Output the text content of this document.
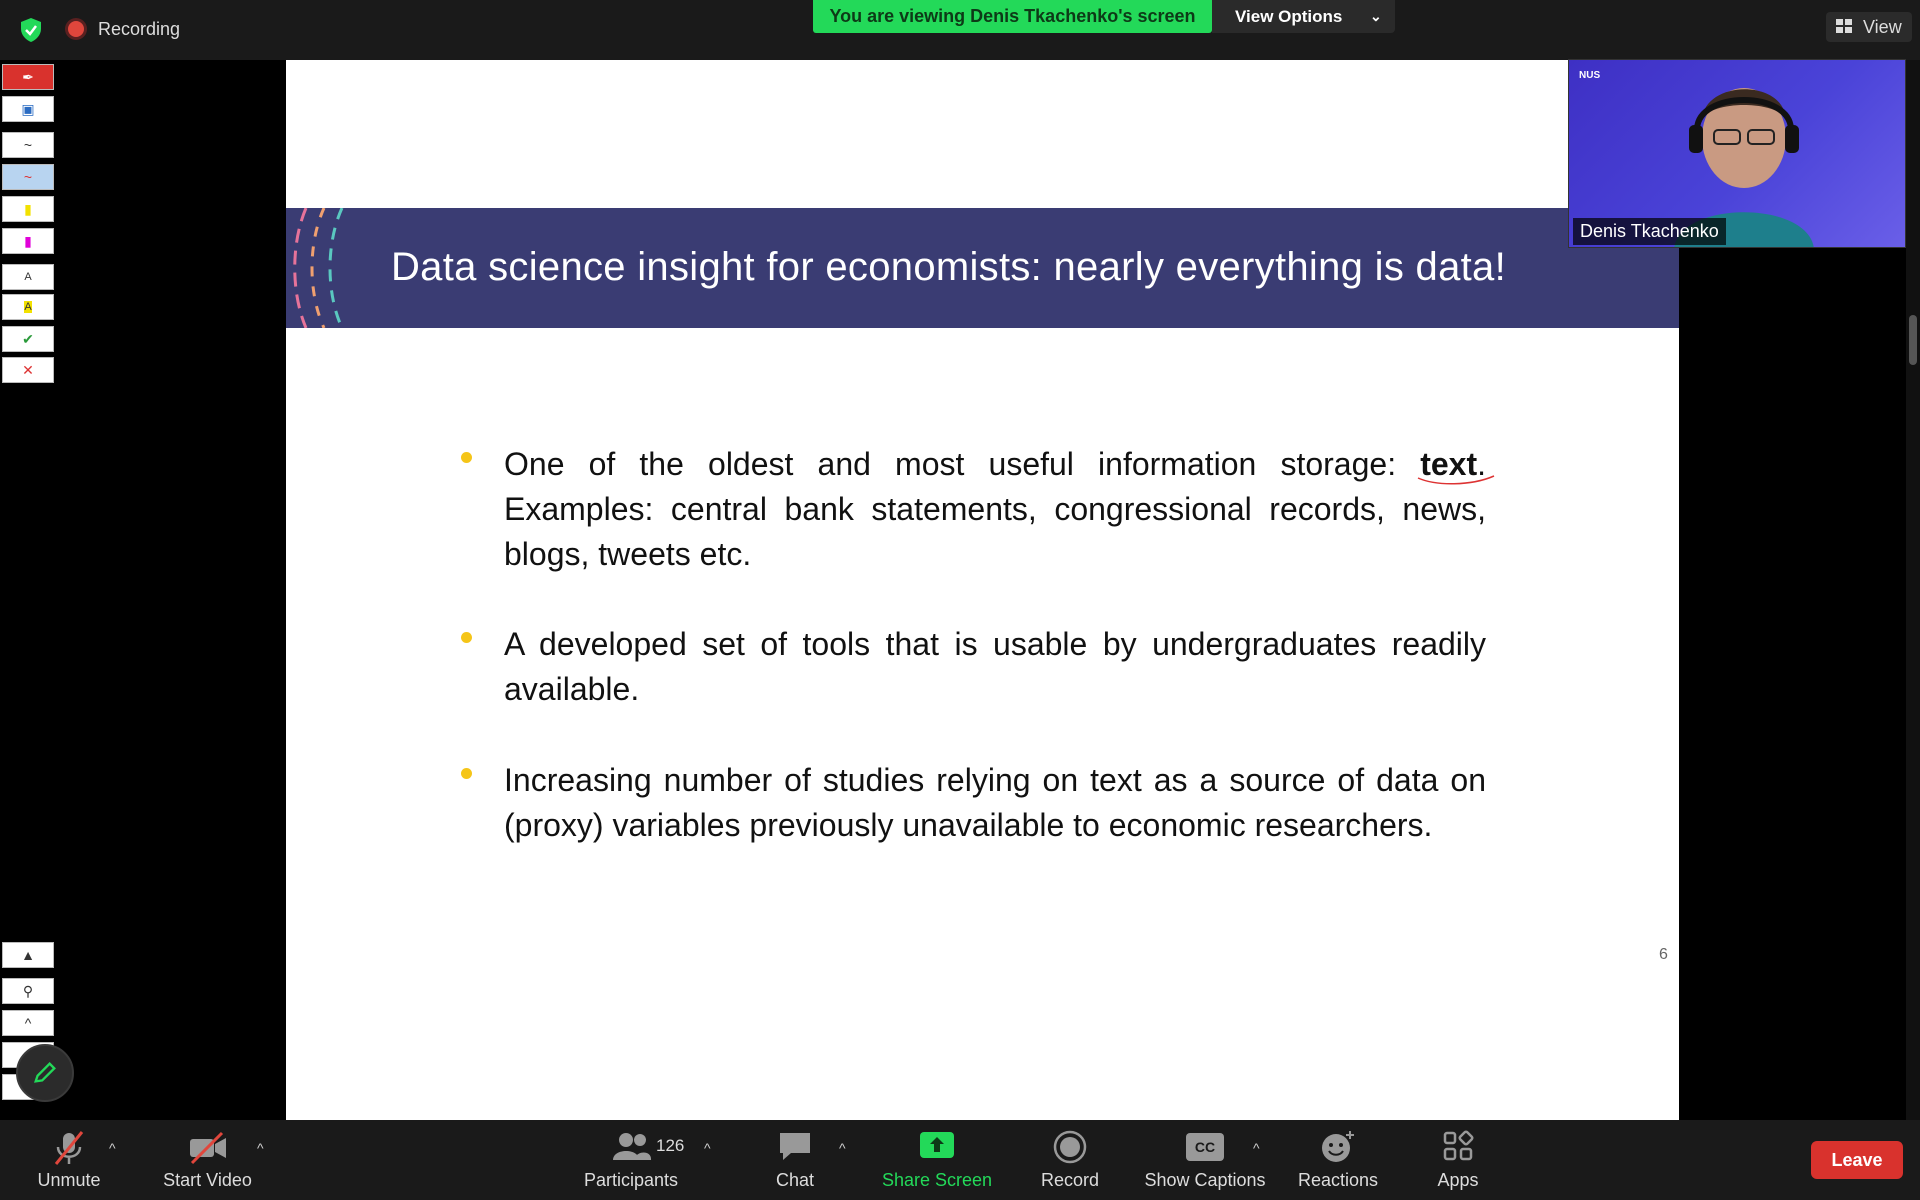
Recording
You are viewing Denis Tkachenko's screen	View Options ⌄
View
✒
▣
~
~
▮
▮
A
A
✔
✕
▲
⚲
^
Data science insight for economists: nearly everything is data!

One of the oldest and most useful information storage: text. Examples: central bank statements, congressional records, news, blogs, tweets etc.

A developed set of tools that is usable by undergraduates readily available.

Increasing number of studies relying on text as a source of data on (proxy) variables previously unavailable to economic researchers.

6
NUS
Denis Tkachenko
Unmute
^
Start Video
^	126
Participants
^
Chat
^
Share Screen	Record
CC
Show Captions
^
Reactions	Apps
Leave
